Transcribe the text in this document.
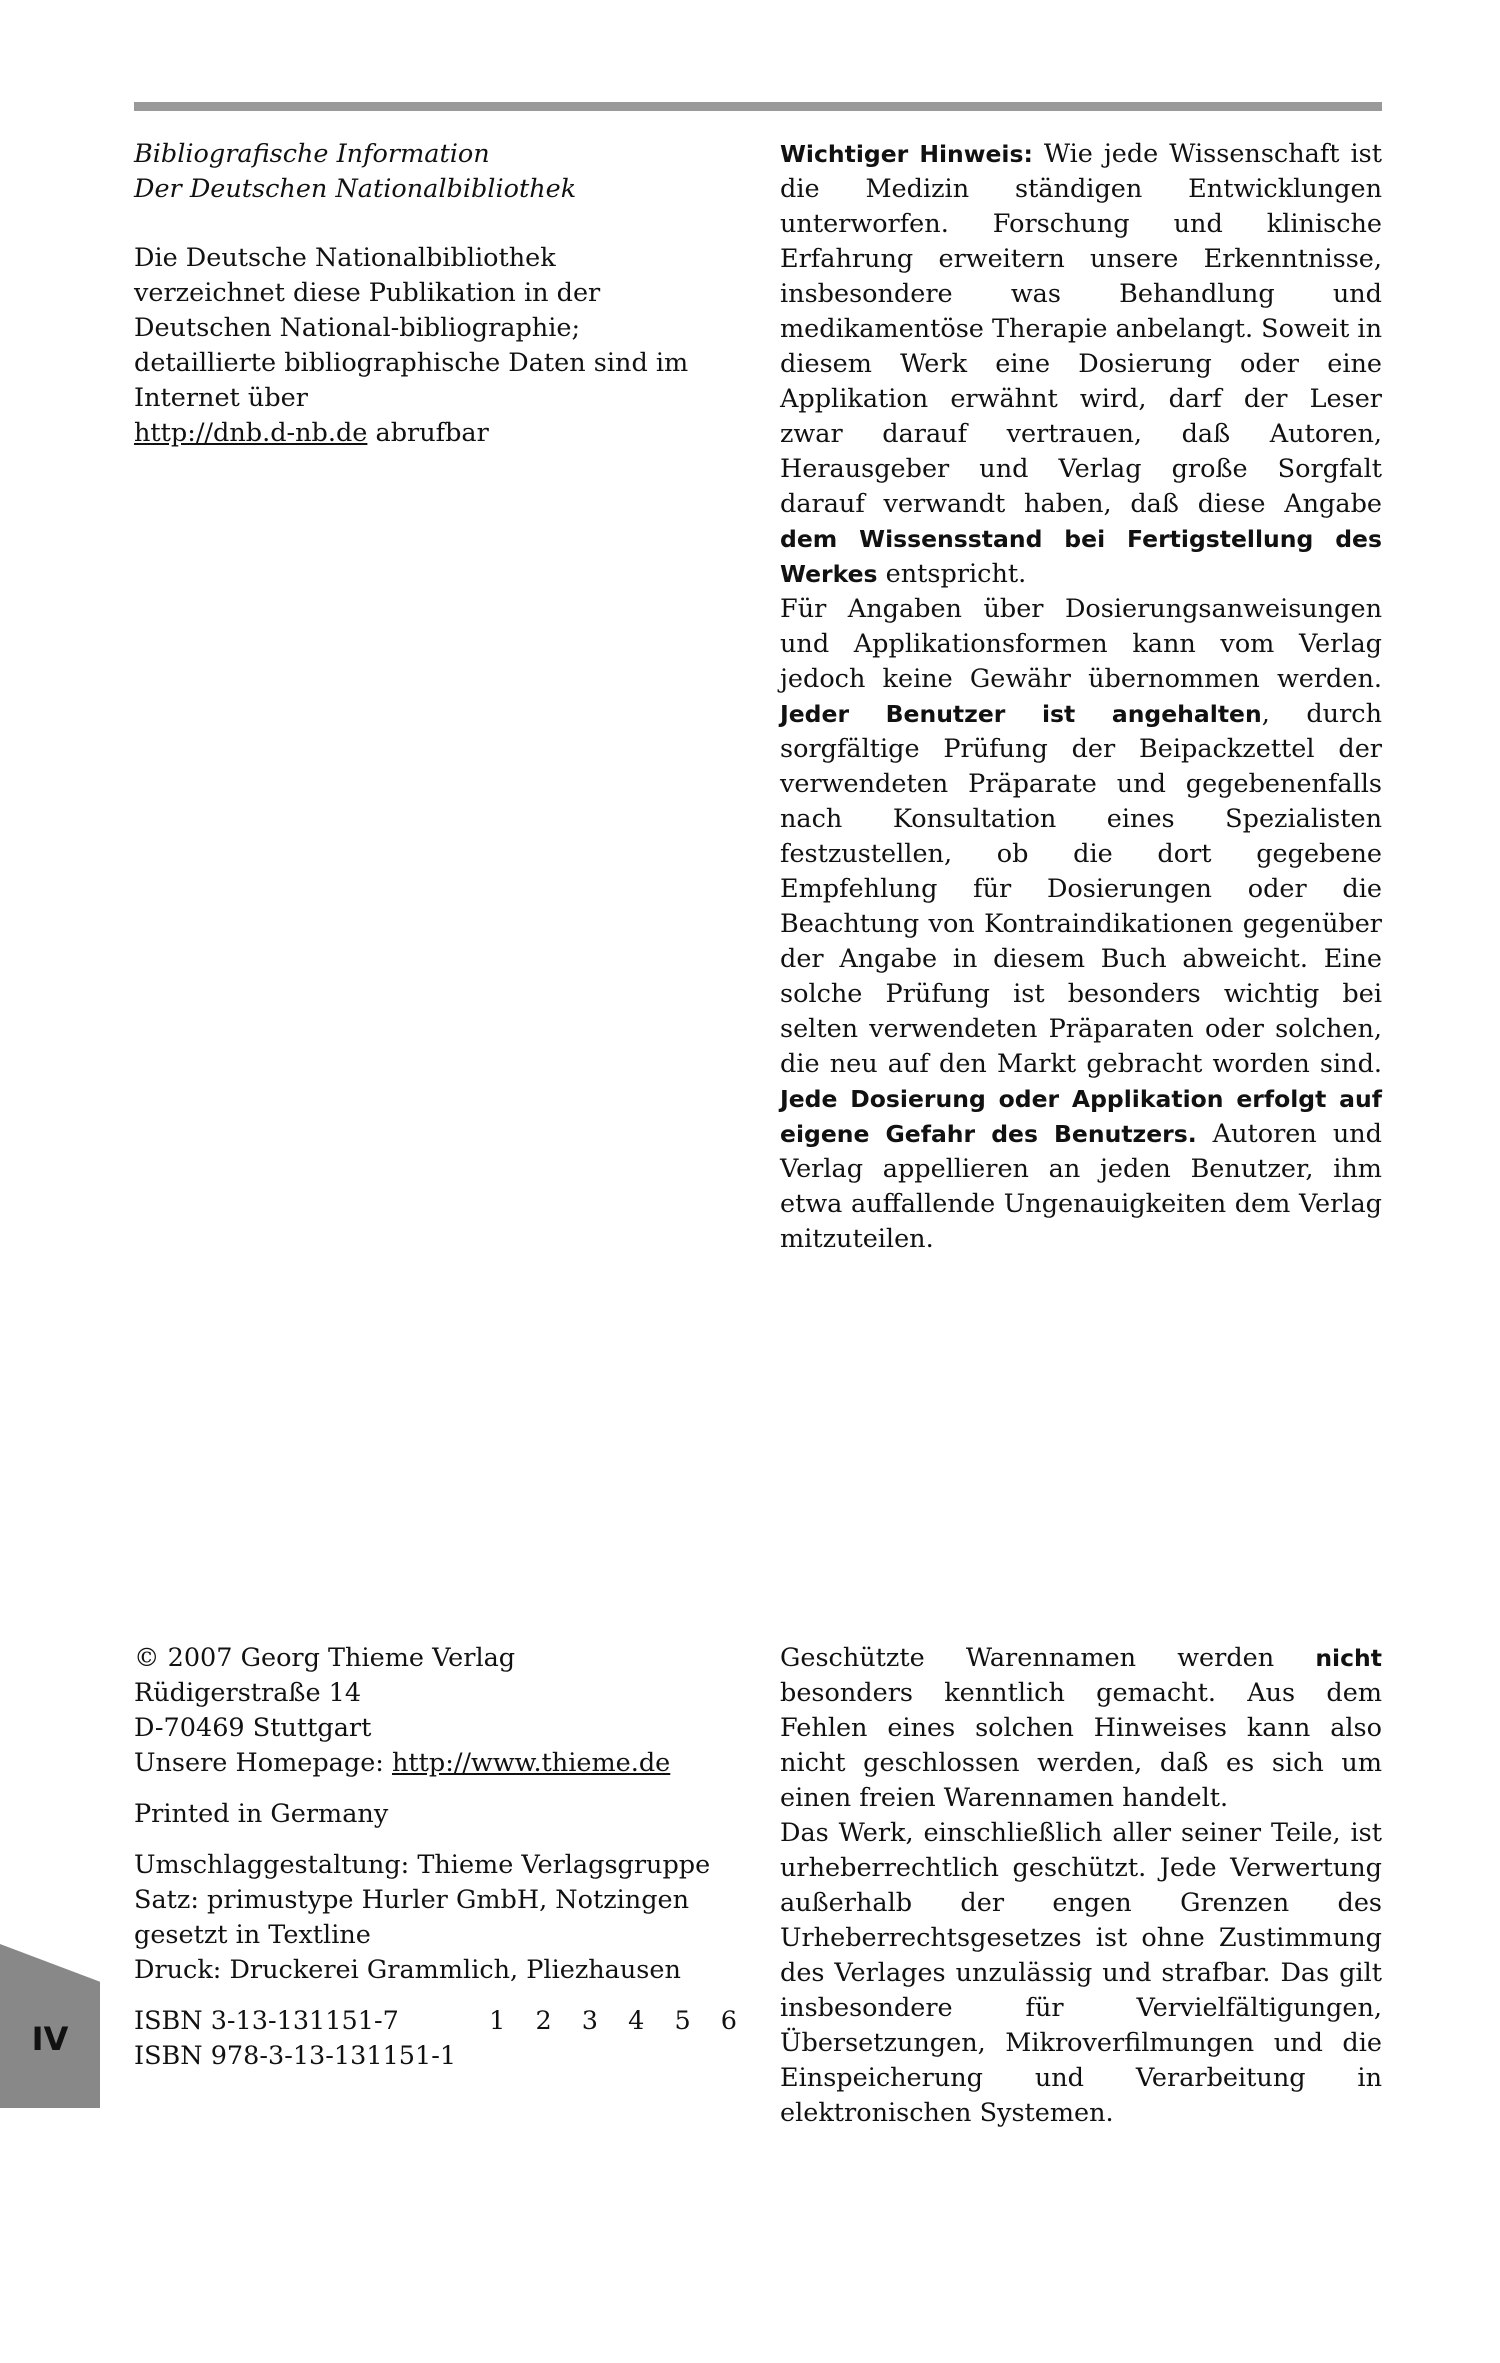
Bibliografische Information

Der Deutschen Nationalbibliothek

Die Deutsche Nationalbibliothek verzeichnet diese Publikation in der Deutschen National-bibliographie; detaillierte bibliographische Daten sind im Internet über
http://dnb.d-nb.de abrufbar

Wichtiger Hinweis: Wie jede Wissenschaft ist die Medizin ständigen Entwicklungen unterworfen. Forschung und klinische Erfahrung erweitern unsere Erkenntnisse, insbesondere was Behandlung und medikamentöse Therapie anbelangt. Soweit in diesem Werk eine Dosierung oder eine Applikation erwähnt wird, darf der Leser zwar darauf vertrauen, daß Autoren, Herausgeber und Verlag große Sorgfalt darauf verwandt haben, daß diese Angabe dem Wissensstand bei Fertigstellung des Werkes entspricht.

Für Angaben über Dosierungsanweisungen und Applikationsformen kann vom Verlag jedoch keine Gewähr übernommen werden. Jeder Benutzer ist angehalten, durch sorgfältige Prüfung der Beipackzettel der verwendeten Präparate und gegebenenfalls nach Konsultation eines Spezialisten festzustellen, ob die dort gegebene Empfehlung für Dosierungen oder die Beachtung von Kontraindikationen gegenüber der Angabe in diesem Buch abweicht. Eine solche Prüfung ist besonders wichtig bei selten verwendeten Präparaten oder solchen, die neu auf den Markt gebracht worden sind. Jede Dosierung oder Applikation erfolgt auf eigene Gefahr des Benutzers. Autoren und Verlag appellieren an jeden Benutzer, ihm etwa auffallende Ungenauigkeiten dem Verlag mitzuteilen.

© 2007 Georg Thieme Verlag

Rüdigerstraße 14

D-70469 Stuttgart

Unsere Homepage: http://www.thieme.de

Printed in Germany

Umschlaggestaltung: Thieme Verlagsgruppe

Satz: primustype Hurler GmbH, Notzingen

gesetzt in Textline

Druck: Druckerei Grammlich, Pliezhausen

ISBN 3-13-131151-7	1 2 3 4 5 6

ISBN 978-3-13-131151-1

Geschützte Warennamen werden nicht besonders kenntlich gemacht. Aus dem Fehlen eines solchen Hinweises kann also nicht geschlossen werden, daß es sich um einen freien Warennamen handelt.

Das Werk, einschließlich aller seiner Teile, ist urheberrechtlich geschützt. Jede Verwertung außerhalb der engen Grenzen des Urheberrechtsgesetzes ist ohne Zustimmung des Verlages unzulässig und strafbar. Das gilt insbesondere für Vervielfältigungen, Übersetzungen, Mikroverfilmungen und die Einspeicherung und Verarbeitung in elektronischen Systemen.

IV
